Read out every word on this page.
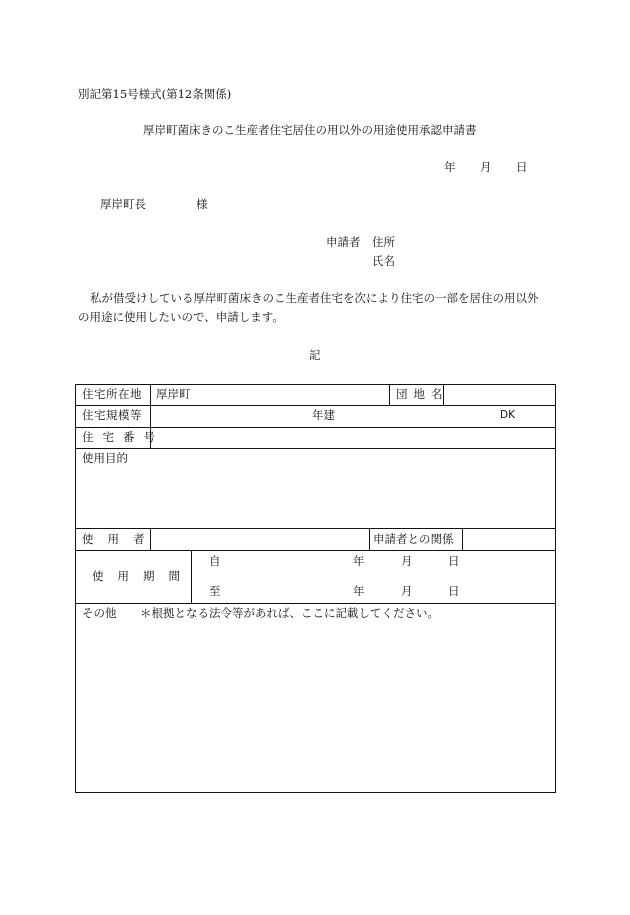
別記第15号様式(第12条関係)
厚岸町菌床きのこ生産者住宅居住の用以外の用途使用承認申請書
年 月 日
厚岸町長	様
申請者 住所
氏名
私が借受けしている厚岸町菌床きのこ生産者住宅を次により住宅の一部を居住の用以外
の用途に使用したいので、申請します。
記
住宅所在地 厚岸町	団地名
住宅規模等	年建	DK
住宅番号
使用目的
使用者	申請者との関係
使用期間
自	年	月	日
至	年	月	日
その他 ＊根拠となる法令等があれば、ここに記載してください。
